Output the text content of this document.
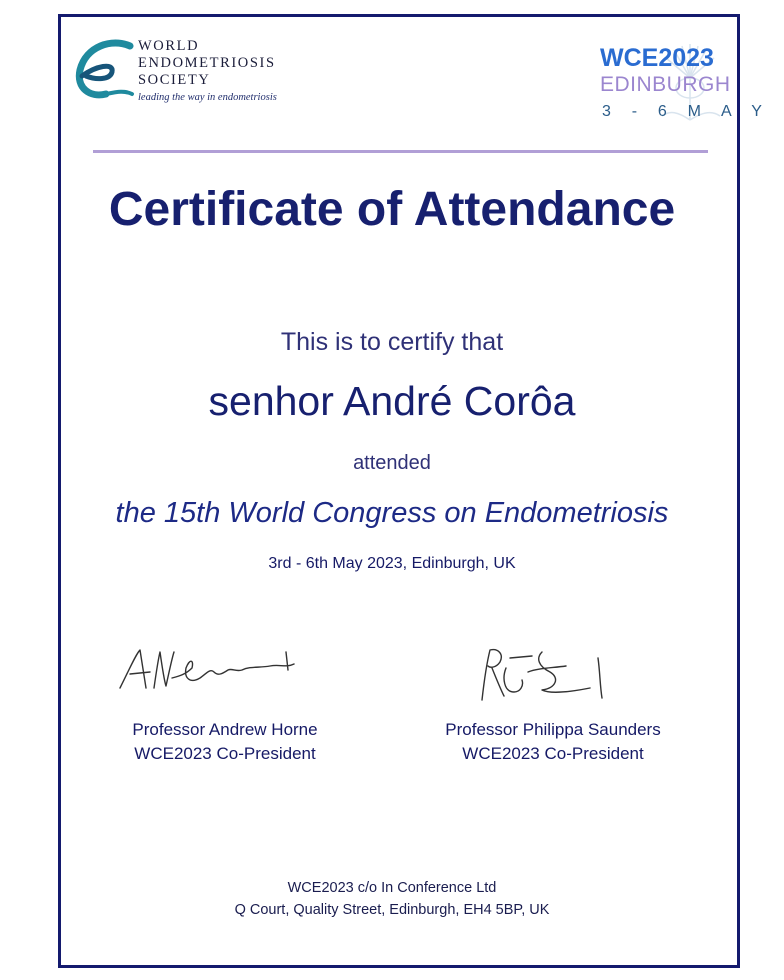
WORLD
ENDOMETRIOSIS
SOCIETY
leading the way in endometriosis
WCE2023
EDINBURGH
3 - 6 M A Y
Certificate of Attendance
This is to certify that
senhor André Corôa
attended
the 15th World Congress on Endometriosis
3rd - 6th May 2023, Edinburgh, UK
Professor Andrew Horne
WCE2023 Co-President
Professor Philippa Saunders
WCE2023 Co-President
WCE2023 c/o In Conference Ltd
Q Court, Quality Street, Edinburgh, EH4 5BP, UK
